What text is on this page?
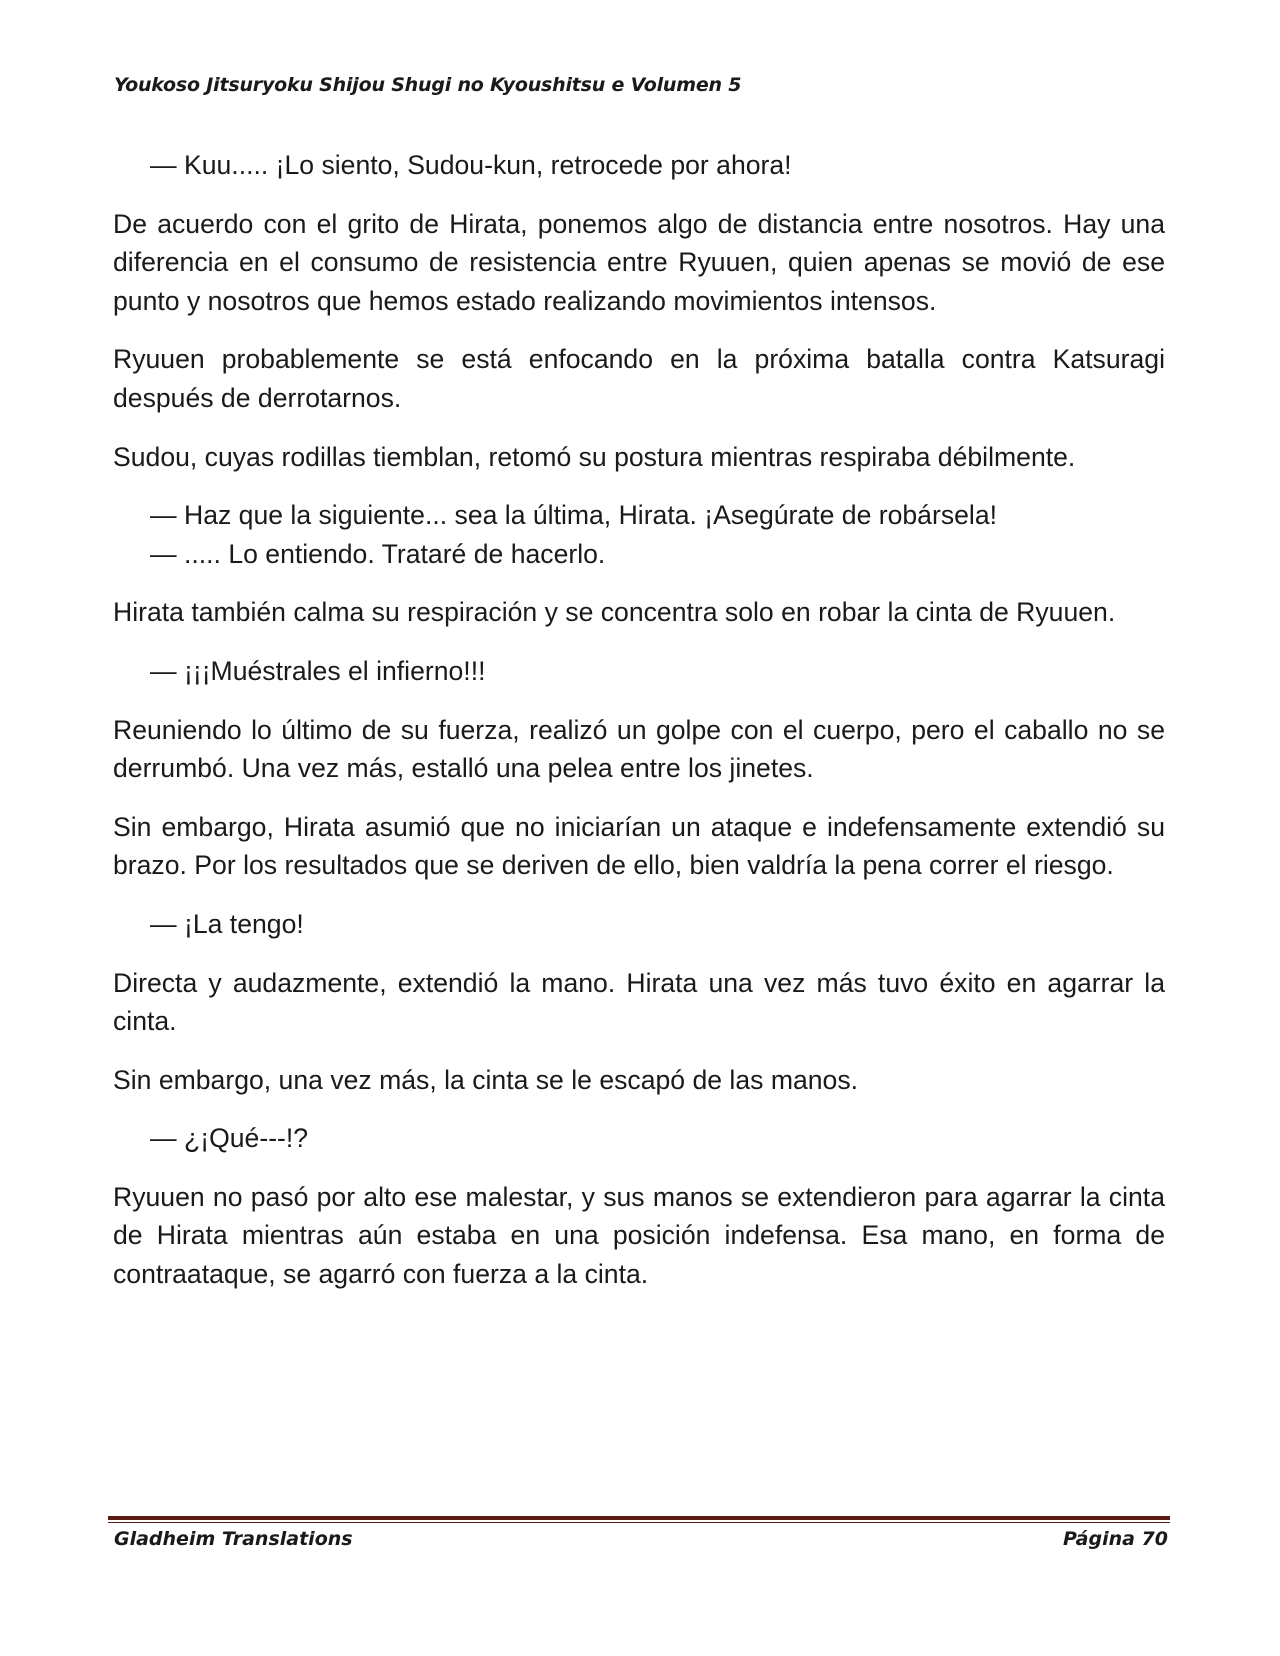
Youkoso Jitsuryoku Shijou Shugi no Kyoushitsu e Volumen 5
— Kuu..... ¡Lo siento, Sudou-kun, retrocede por ahora!

De acuerdo con el grito de Hirata, ponemos algo de distancia entre nosotros. Hay una diferencia en el consumo de resistencia entre Ryuuen, quien apenas se movió de ese punto y nosotros que hemos estado realizando movimientos intensos.

Ryuuen probablemente se está enfocando en la próxima batalla contra Katsuragi después de derrotarnos.

Sudou, cuyas rodillas tiemblan, retomó su postura mientras respiraba débilmente.

— Haz que la siguiente... sea la última, Hirata. ¡Asegúrate de robársela!
— ..... Lo entiendo. Trataré de hacerlo.

Hirata también calma su respiración y se concentra solo en robar la cinta de Ryuuen.

— ¡¡¡Muéstrales el infierno!!!

Reuniendo lo último de su fuerza, realizó un golpe con el cuerpo, pero el caballo no se derrumbó. Una vez más, estalló una pelea entre los jinetes.

Sin embargo, Hirata asumió que no iniciarían un ataque e indefensamente extendió su brazo. Por los resultados que se deriven de ello, bien valdría la pena correr el riesgo.

— ¡La tengo!

Directa y audazmente, extendió la mano. Hirata una vez más tuvo éxito en agarrar la cinta.

Sin embargo, una vez más, la cinta se le escapó de las manos.

— ¿¡Qué---!?

Ryuuen no pasó por alto ese malestar, y sus manos se extendieron para agarrar la cinta de Hirata mientras aún estaba en una posición indefensa. Esa mano, en forma de contraataque, se agarró con fuerza a la cinta.

Gladheim Translations	Página 70
